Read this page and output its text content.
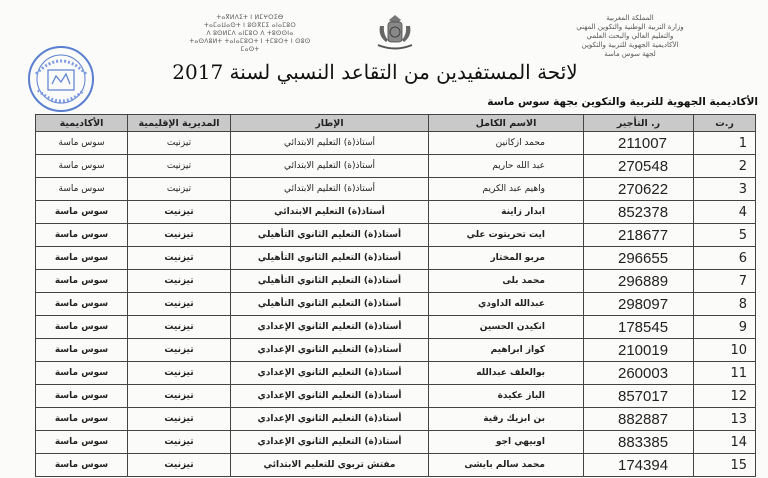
ⵜⴰⴳⵍⴷⵉⵜ ⵏ ⵍⵎⵖⵔⵉⴱ
ⵜⴰⵎⴰⵡⴰⵙⵜ ⵏ ⵓⵙⴳⵎⵉ ⴰⵏⴰⵎⵓⵔ
ⴷ ⵓⵙⵍⵎⴷ ⴰⵏⵎⵓⵔ ⴷ ⵜⵓⵙⵙⵏⴰ
ⵜⴰⵙⴷⵓⵍⵜ ⵜⴰⵏⴰⵎⵓⵔⵜ ⵏ ⵜⵎⵓⵔⵜ ⵏ ⵙⵓⵙ
ⵎⴰⵙⵜ
المملكة المغربية
وزارة التربية الوطنية والتكوين المهني
والتعليم العالي والبحث العلمي
الأكاديمية الجهوية للتربية والتكوين
لجهة سوس ماسة
لائحة المستفيدين من التقاعد النسبي لسنة 2017
الأكاديمية الجهوية للتربية والتكوين بجهة سوس ماسة
ر.ت	ر. التأجير	الاسم الكامل	الإطار	المديرية الإقليمية	الأكاديمية
1	211007	محمد ازكانين	أستاذ(ة) التعليم الابتدائي	تيزنيت	سوس ماسة
2	270548	عبد الله حاريم	أستاذ(ة) التعليم الابتدائي	تيزنيت	سوس ماسة
3	270622	واهيم عبد الكريم	أستاذ(ة) التعليم الابتدائي	تيزنيت	سوس ماسة
4	852378	ابدار زاينة	أستاذ(ة) التعليم الابتدائي	تيزنيت	سوس ماسة
5	218677	ايت تحريتوت علي	أستاذ(ة) التعليم الثانوي التأهيلي	تيزنيت	سوس ماسة
6	296655	مربو المختار	أستاذ(ة) التعليم الثانوي التأهيلي	تيزنيت	سوس ماسة
7	296889	محمد بلى	أستاذ(ة) التعليم الثانوي التأهيلي	تيزنيت	سوس ماسة
8	298097	عبدالله الداودي	أستاذ(ة) التعليم الثانوي التأهيلي	تيزنيت	سوس ماسة
9	178545	انكيدن الحسين	أستاذ(ة) التعليم الثانوي الإعدادي	تيزنيت	سوس ماسة
10	210019	كواز ابراهيم	أستاذ(ة) التعليم الثانوي الإعدادي	تيزنيت	سوس ماسة
11	260003	بوالعلف عبدالله	أستاذ(ة) التعليم الثانوي الإعدادي	تيزنيت	سوس ماسة
12	857017	الباز عكيدة	أستاذ(ة) التعليم الثانوي الإعدادي	تيزنيت	سوس ماسة
13	882887	بن ابزيك رقية	أستاذ(ة) التعليم الثانوي الإعدادي	تيزنيت	سوس ماسة
14	883385	اوبيهي اجو	أستاذ(ة) التعليم الثانوي الإعدادي	تيزنيت	سوس ماسة
15	174394	محمد سالم بايشى	مفتش تربوي للتعليم الابتدائي	تيزنيت	سوس ماسة
